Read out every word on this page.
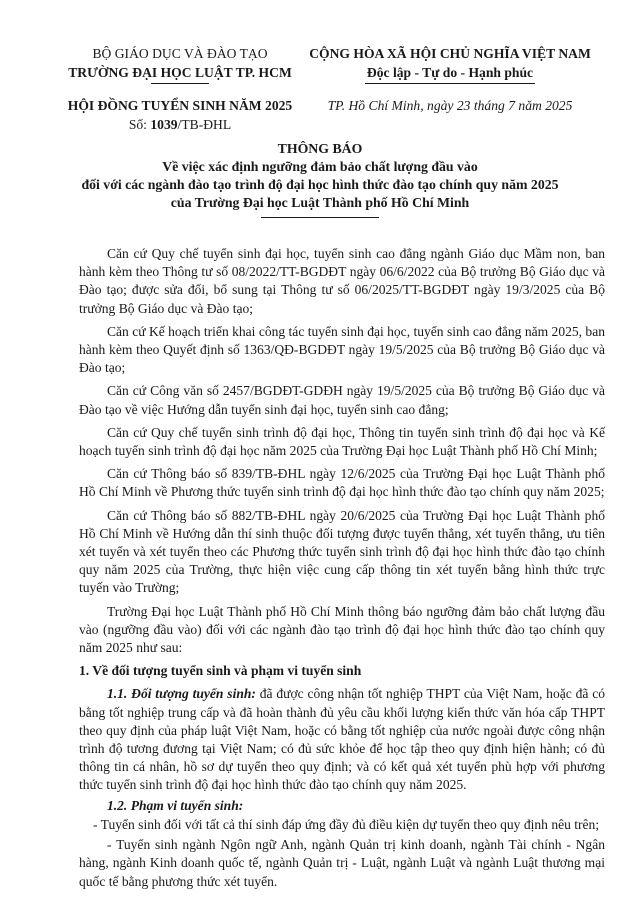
BỘ GIÁO DỤC VÀ ĐÀO TẠO
TRƯỜNG ĐẠI HỌC LUẬT TP. HCM
CỘNG HÒA XÃ HỘI CHỦ NGHĨA VIỆT NAM
Độc lập - Tự do - Hạnh phúc
HỘI ĐỒNG TUYỂN SINH NĂM 2025
Số: 1039/TB-ĐHL
TP. Hồ Chí Minh, ngày 23 tháng 7 năm 2025
THÔNG BÁO
Về việc xác định ngưỡng đảm bảo chất lượng đầu vào
đối với các ngành đào tạo trình độ đại học hình thức đào tạo chính quy năm 2025
của Trường Đại học Luật Thành phố Hồ Chí Minh

Căn cứ Quy chế tuyển sinh đại học, tuyển sinh cao đẳng ngành Giáo dục Mầm non, ban hành kèm theo Thông tư số 08/2022/TT-BGDĐT ngày 06/6/2022 của Bộ trưởng Bộ Giáo dục và Đào tạo; được sửa đổi, bổ sung tại Thông tư số 06/2025/TT-BGDĐT ngày 19/3/2025 của Bộ trưởng Bộ Giáo dục và Đào tạo;

Căn cứ Kế hoạch triển khai công tác tuyển sinh đại học, tuyển sinh cao đẳng năm 2025, ban hành kèm theo Quyết định số 1363/QĐ-BGDĐT ngày 19/5/2025 của Bộ trưởng Bộ Giáo dục và Đào tạo;

Căn cứ Công văn số 2457/BGDĐT-GDĐH ngày 19/5/2025 của Bộ trưởng Bộ Giáo dục và Đào tạo về việc Hướng dẫn tuyển sinh đại học, tuyển sinh cao đẳng;

Căn cứ Quy chế tuyển sinh trình độ đại học, Thông tin tuyển sinh trình độ đại học và Kế hoạch tuyển sinh trình độ đại học năm 2025 của Trường Đại học Luật Thành phố Hồ Chí Minh;

Căn cứ Thông báo số 839/TB-ĐHL ngày 12/6/2025 của Trường Đại học Luật Thành phố Hồ Chí Minh về Phương thức tuyển sinh trình độ đại học hình thức đào tạo chính quy năm 2025;

Căn cứ Thông báo số 882/TB-ĐHL ngày 20/6/2025 của Trường Đại học Luật Thành phố Hồ Chí Minh về Hướng dẫn thí sinh thuộc đối tượng được tuyển thẳng, xét tuyển thẳng, ưu tiên xét tuyển và xét tuyển theo các Phương thức tuyển sinh trình độ đại học hình thức đào tạo chính quy năm 2025 của Trường, thực hiện việc cung cấp thông tin xét tuyển bằng hình thức trực tuyến vào Trường;

Trường Đại học Luật Thành phố Hồ Chí Minh thông báo ngưỡng đảm bảo chất lượng đầu vào (ngưỡng đầu vào) đối với các ngành đào tạo trình độ đại học hình thức đào tạo chính quy năm 2025 như sau:

1. Về đối tượng tuyển sinh và phạm vi tuyển sinh

1.1. Đối tượng tuyển sinh: đã được công nhận tốt nghiệp THPT của Việt Nam, hoặc đã có bằng tốt nghiệp trung cấp và đã hoàn thành đủ yêu cầu khối lượng kiến thức văn hóa cấp THPT theo quy định của pháp luật Việt Nam, hoặc có bằng tốt nghiệp của nước ngoài được công nhận trình độ tương đương tại Việt Nam; có đủ sức khỏe để học tập theo quy định hiện hành; có đủ thông tin cá nhân, hồ sơ dự tuyển theo quy định; và có kết quả xét tuyển phù hợp với phương thức tuyển sinh trình độ đại học hình thức đào tạo chính quy năm 2025.

1.2. Phạm vi tuyển sinh:

- Tuyển sinh đối với tất cả thí sinh đáp ứng đầy đủ điều kiện dự tuyển theo quy định nêu trên;

- Tuyển sinh ngành Ngôn ngữ Anh, ngành Quản trị kinh doanh, ngành Tài chính - Ngân hàng, ngành Kinh doanh quốc tế, ngành Quản trị - Luật, ngành Luật và ngành Luật thương mại quốc tế bằng phương thức xét tuyển.
